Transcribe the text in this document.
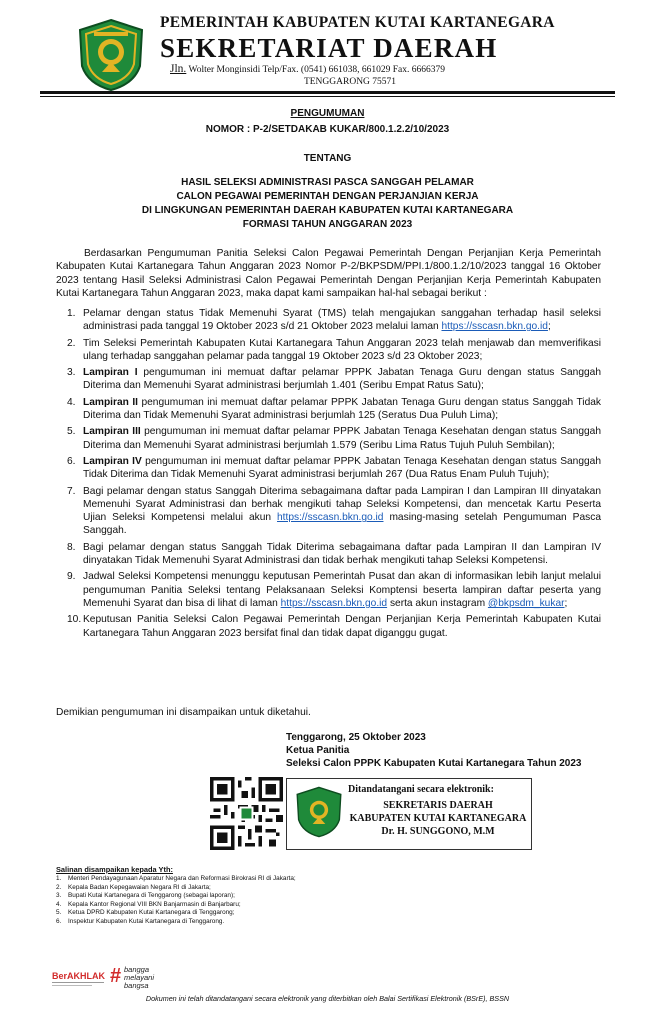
PEMERINTAH KABUPATEN KUTAI KARTANEGARA
SEKRETARIAT DAERAH
Jln. Wolter Monginsidi Telp/Fax. (0541) 661038, 661029 Fax. 6666379
TENGGARONG 75571
PENGUMUMAN
NOMOR : P-2/SETDAKAB KUKAR/800.1.2.2/10/2023
TENTANG
HASIL SELEKSI ADMINISTRASI PASCA SANGGAH PELAMAR
CALON PEGAWAI PEMERINTAH DENGAN PERJANJIAN KERJA
DI LINGKUNGAN PEMERINTAH DAERAH KABUPATEN KUTAI KARTANEGARA
FORMASI TAHUN ANGGARAN 2023
Berdasarkan Pengumuman Panitia Seleksi Calon Pegawai Pemerintah Dengan Perjanjian Kerja Pemerintah Kabupaten Kutai Kartanegara Tahun Anggaran 2023 Nomor P-2/BKPSDM/PPI.1/800.1.2/10/2023 tanggal 16 Oktober 2023 tentang Hasil Seleksi Administrasi Calon Pegawai Pemerintah Dengan Perjanjian Kerja Pemerintah Kabupaten Kutai Kartanegara Tahun Anggaran 2023, maka dapat kami sampaikan hal-hal sebagai berikut :
1. Pelamar dengan status Tidak Memenuhi Syarat (TMS) telah mengajukan sanggahan terhadap hasil seleksi administrasi pada tanggal 19 Oktober 2023 s/d 21 Oktober 2023 melalui laman https://sscasn.bkn.go.id;
2. Tim Seleksi Pemerintah Kabupaten Kutai Kartanegara Tahun Anggaran 2023 telah menjawab dan memverifikasi ulang terhadap sanggahan pelamar pada tanggal 19 Oktober 2023 s/d 23 Oktober 2023;
3. Lampiran I pengumuman ini memuat daftar pelamar PPPK Jabatan Tenaga Guru dengan status Sanggah Diterima dan Memenuhi Syarat administrasi berjumlah 1.401 (Seribu Empat Ratus Satu);
4. Lampiran II pengumuman ini memuat daftar pelamar PPPK Jabatan Tenaga Guru dengan status Sanggah Tidak Diterima dan Tidak Memenuhi Syarat administrasi berjumlah 125 (Seratus Dua Puluh Lima);
5. Lampiran III pengumuman ini memuat daftar pelamar PPPK Jabatan Tenaga Kesehatan dengan status Sanggah Diterima dan Memenuhi Syarat administrasi berjumlah 1.579 (Seribu Lima Ratus Tujuh Puluh Sembilan);
6. Lampiran IV pengumuman ini memuat daftar pelamar PPPK Jabatan Tenaga Kesehatan dengan status Sanggah Tidak Diterima dan Tidak Memenuhi Syarat administrasi berjumlah 267 (Dua Ratus Enam Puluh Tujuh);
7. Bagi pelamar dengan status Sanggah Diterima sebagaimana daftar pada Lampiran I dan Lampiran III dinyatakan Memenuhi Syarat Administrasi dan berhak mengikuti tahap Seleksi Kompetensi, dan mencetak Kartu Peserta Ujian Seleksi Kompetensi melalui akun https://sscasn.bkn.go.id masing-masing setelah Pengumuman Pasca Sanggah.
8. Bagi pelamar dengan status Sanggah Tidak Diterima sebagaimana daftar pada Lampiran II dan Lampiran IV dinyatakan Tidak Memenuhi Syarat Administrasi dan tidak berhak mengikuti tahap Seleksi Kompetensi.
9. Jadwal Seleksi Kompetensi menunggu keputusan Pemerintah Pusat dan akan di informasikan lebih lanjut melalui pengumuman Panitia Seleksi tentang Pelaksanaan Seleksi Komptensi beserta lampiran daftar peserta yang Memenuhi Syarat dan bisa di lihat di laman https://sscasn.bkn.go.id serta akun instagram @bkpsdm_kukar;
10. Keputusan Panitia Seleksi Calon Pegawai Pemerintah Dengan Perjanjian Kerja Pemerintah Kabupaten Kutai Kartanegara Tahun Anggaran 2023 bersifat final dan tidak dapat diganggu gugat.
Demikian pengumuman ini disampaikan untuk diketahui.
Tenggarong, 25 Oktober 2023
Ketua Panitia
Seleksi Calon PPPK Kabupaten Kutai Kartanegara Tahun 2023
Ditandatangani secara elektronik:
SEKRETARIS DAERAH
KABUPATEN KUTAI KARTANEGARA
Dr. H. SUNGGONO, M.M
Salinan disampaikan kepada Yth:
1. Menteri Pendayagunaan Aparatur Negara dan Reformasi Birokrasi RI di Jakarta;
2. Kepala Badan Kepegawaian Negara RI di Jakarta;
3. Bupati Kutai Kartanegara di Tenggarong (sebagai laporan);
4. Kepala Kantor Regional VIII BKN Banjarmasin di Banjarbaru;
5. Ketua DPRD Kabupaten Kutai Kartanegara di Tenggarong;
6. Inspektur Kabupaten Kutai Kartanegara di Tenggarong.
BerAKHLAK # bangga
melayani
bangsa
Dokumen ini telah ditandatangani secara elektronik yang diterbitkan oleh Balai Sertifikasi Elektronik (BSrE), BSSN
